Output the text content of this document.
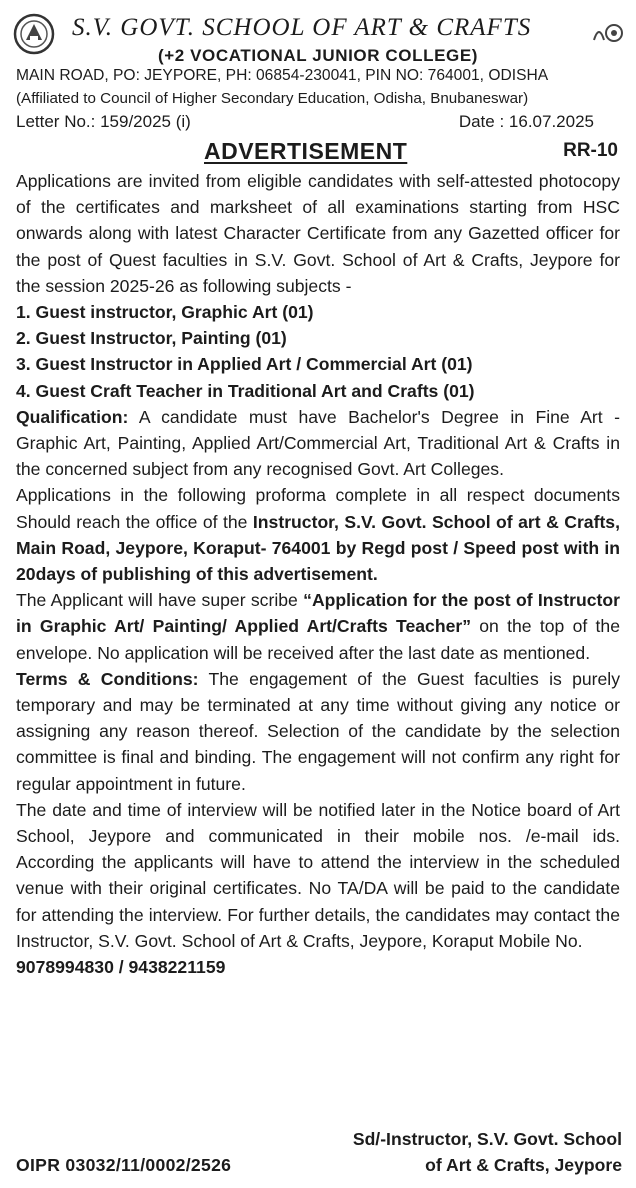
S.V. GOVT. SCHOOL OF ART & CRAFTS
(+2 VOCATIONAL JUNIOR COLLEGE)
MAIN ROAD, PO: JEYPORE, PH: 06854-230041, PIN NO: 764001, ODISHA
(Affiliated to Council of Higher Secondary Education, Odisha, Bnubaneswar)
Letter No.: 159/2025 (i)	Date : 16.07.2025
ADVERTISEMENT	RR-10

Applications are invited from eligible candidates with self-attested photocopy of the certificates and marksheet of all examinations starting from HSC onwards along with latest Character Certificate from any Gazetted officer for the post of Quest faculties in S.V. Govt. School of Art & Crafts, Jeypore for the session 2025-26 as following subjects -

1. Guest instructor, Graphic Art (01)
2. Guest Instructor, Painting (01)
3. Guest Instructor in Applied Art / Commercial Art (01)
4. Guest Craft Teacher in Traditional Art and Crafts (01)

Qualification: A candidate must have Bachelor's Degree in Fine Art - Graphic Art, Painting, Applied Art/Commercial Art, Traditional Art & Crafts in the concerned subject from any recognised Govt. Art Colleges.

Applications in the following proforma complete in all respect documents Should reach the office of the Instructor, S.V. Govt. School of art & Crafts, Main Road, Jeypore, Koraput- 764001 by Regd post / Speed post with in 20days of publishing of this advertisement.

The Applicant will have super scribe “Application for the post of Instructor in Graphic Art/ Painting/ Applied Art/Crafts Teacher” on the top of the envelope. No application will be received after the last date as mentioned.

Terms & Conditions: The engagement of the Guest faculties is purely temporary and may be terminated at any time without giving any notice or assigning any reason thereof. Selection of the candidate by the selection committee is final and binding. The engagement will not confirm any right for regular appointment in future.

The date and time of interview will be notified later in the Notice board of Art School, Jeypore and communicated in their mobile nos. /e-mail ids. According the applicants will have to attend the interview in the scheduled venue with their original certificates. No TA/DA will be paid to the candidate for attending the interview. For further details, the candidates may contact the Instructor, S.V. Govt. School of Art & Crafts, Jeypore, Koraput Mobile No.

9078994830 / 9438221159

Sd/-Instructor, S.V. Govt. School
OIPR 03032/11/0002/2526	of Art & Crafts, Jeypore
